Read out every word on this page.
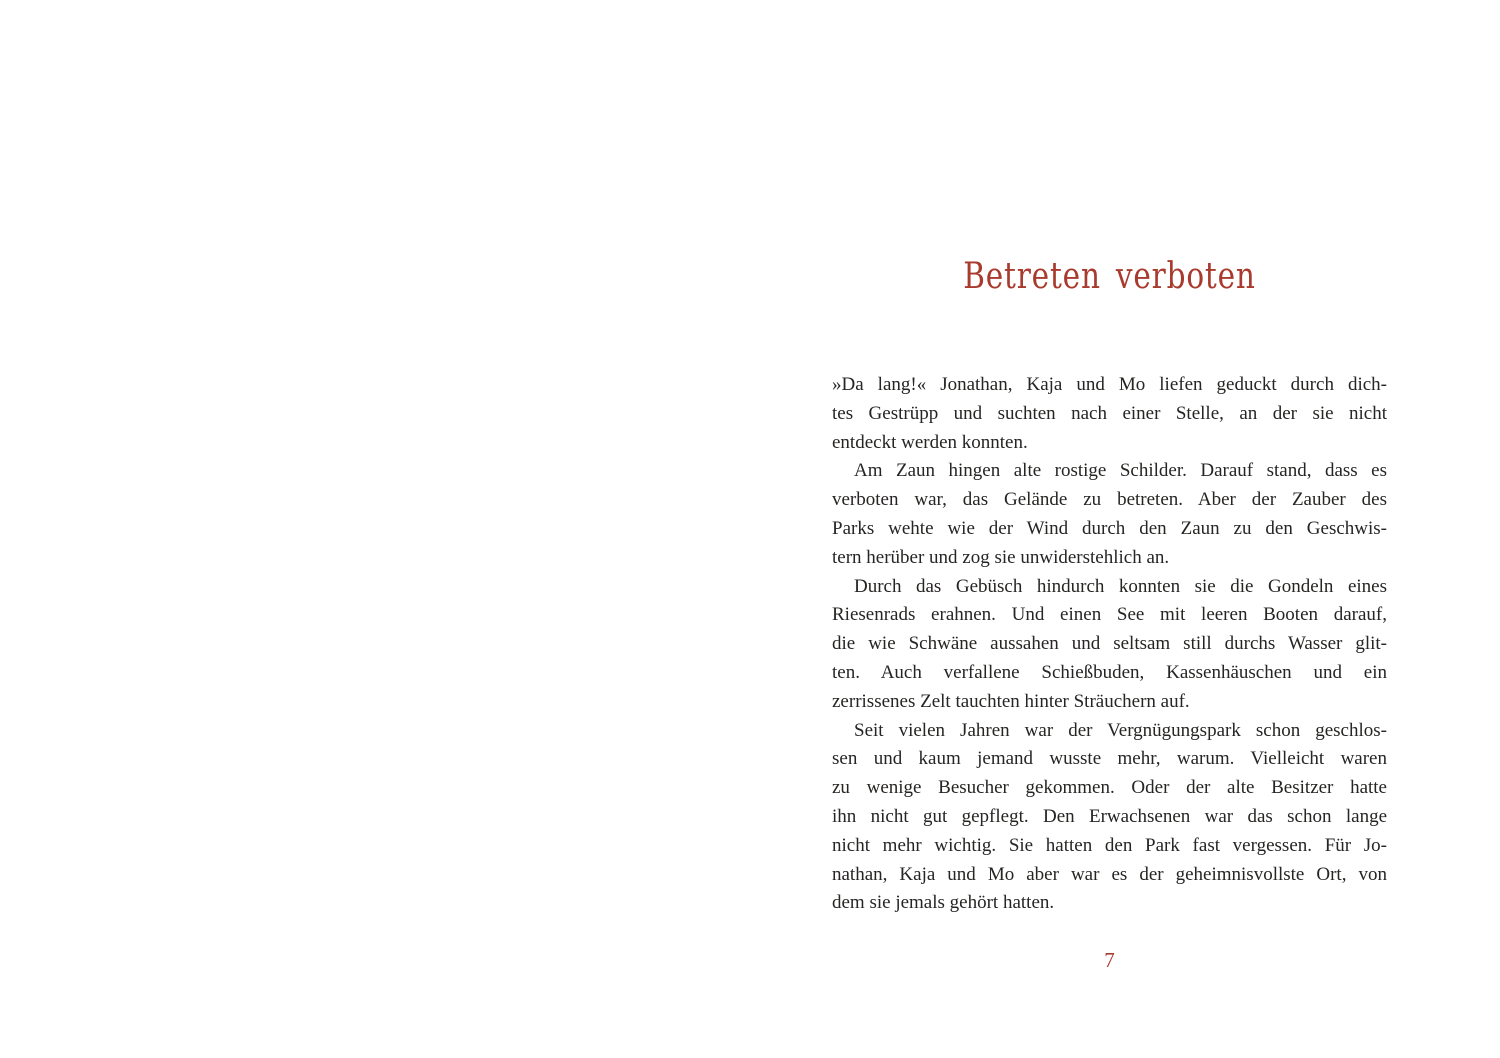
Betreten verboten
»Da lang!« Jonathan, Kaja und Mo liefen geduckt durch dich-
tes Gestrüpp und suchten nach einer Stelle, an der sie nicht
entdeckt werden konnten.
Am Zaun hingen alte rostige Schilder. Darauf stand, dass es
verboten war, das Gelände zu betreten. Aber der Zauber des
Parks wehte wie der Wind durch den Zaun zu den Geschwis-
tern herüber und zog sie unwiderstehlich an.
Durch das Gebüsch hindurch konnten sie die Gondeln eines
Riesenrads erahnen. Und einen See mit leeren Booten darauf,
die wie Schwäne aussahen und seltsam still durchs Wasser glit-
ten. Auch verfallene Schießbuden, Kassenhäuschen und ein
zerrissenes Zelt tauchten hinter Sträuchern auf.
Seit vielen Jahren war der Vergnügungspark schon geschlos-
sen und kaum jemand wusste mehr, warum. Vielleicht waren
zu wenige Besucher gekommen. Oder der alte Besitzer hatte
ihn nicht gut gepflegt. Den Erwachsenen war das schon lange
nicht mehr wichtig. Sie hatten den Park fast vergessen. Für Jo-
nathan, Kaja und Mo aber war es der geheimnisvollste Ort, von
dem sie jemals gehört hatten.
7
